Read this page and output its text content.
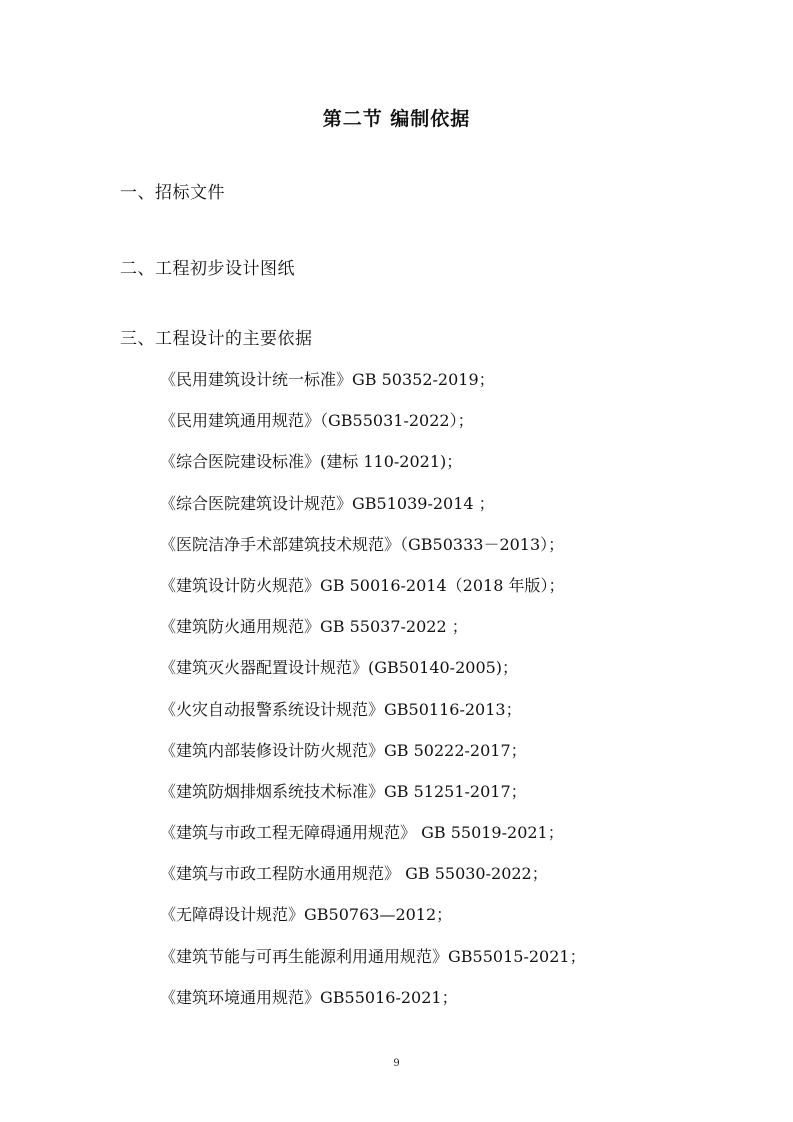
第二节 编制依据
一、招标文件
二、工程初步设计图纸
三、工程设计的主要依据
《民用建筑设计统一标准》GB 50352-2019；
《民用建筑通用规范》（GB55031-2022）；
《综合医院建设标准》(建标 110-2021)；
《综合医院建筑设计规范》GB51039-2014 ；
《医院洁净手术部建筑技术规范》（GB50333－2013）；
《建筑设计防火规范》GB 50016-2014（2018 年版）；
《建筑防火通用规范》GB 55037-2022 ；
《建筑灭火器配置设计规范》(GB50140-2005)；
《火灾自动报警系统设计规范》GB50116-2013；
《建筑内部装修设计防火规范》GB 50222-2017；
《建筑防烟排烟系统技术标准》GB 51251-2017；
《建筑与市政工程无障碍通用规范》 GB 55019-2021；
《建筑与市政工程防水通用规范》 GB 55030-2022；
《无障碍设计规范》GB50763—2012；
《建筑节能与可再生能源利用通用规范》GB55015-2021；
《建筑环境通用规范》GB55016-2021；
9
